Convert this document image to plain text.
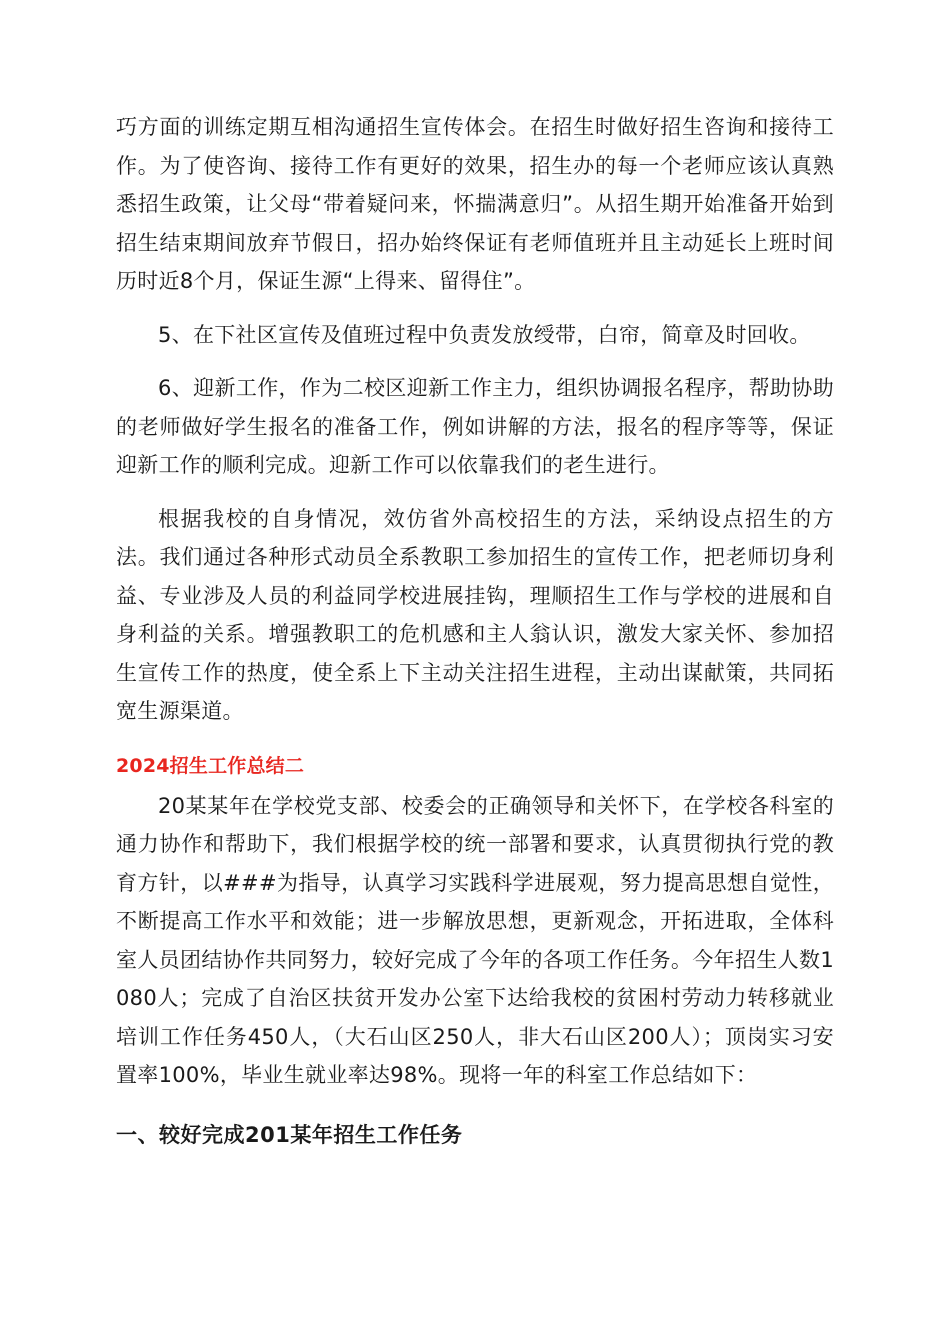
巧方面的训练定期互相沟通招生宣传体会。在招生时做好招生咨询和接待工作。为了使咨询、接待工作有更好的效果，招生办的每一个老师应该认真熟悉招生政策，让父母“带着疑问来，怀揣满意归”。从招生期开始准备开始到招生结束期间放弃节假日，招办始终保证有老师值班并且主动延长上班时间历时近8个月，保证生源“上得来、留得住”。

5、在下社区宣传及值班过程中负责发放绶带，白帘，简章及时回收。

6、迎新工作，作为二校区迎新工作主力，组织协调报名程序，帮助协助的老师做好学生报名的准备工作，例如讲解的方法，报名的程序等等，保证迎新工作的顺利完成。迎新工作可以依靠我们的老生进行。

根据我校的自身情况，效仿省外高校招生的方法，采纳设点招生的方法。我们通过各种形式动员全系教职工参加招生的宣传工作，把老师切身利益、专业涉及人员的利益同学校进展挂钩，理顺招生工作与学校的进展和自身利益的关系。增强教职工的危机感和主人翁认识，激发大家关怀、参加招生宣传工作的热度，使全系上下主动关注招生进程，主动出谋献策，共同拓宽生源渠道。

2024招生工作总结二

20某某年在学校党支部、校委会的正确领导和关怀下，在学校各科室的通力协作和帮助下，我们根据学校的统一部署和要求，认真贯彻执行党的教育方针，以###为指导，认真学习实践科学进展观，努力提高思想自觉性，不断提高工作水平和效能；进一步解放思想，更新观念，开拓进取，全体科室人员团结协作共同努力，较好完成了今年的各项工作任务。今年招生人数1080人；完成了自治区扶贫开发办公室下达给我校的贫困村劳动力转移就业培训工作任务450人，（大石山区250人，非大石山区200人）；顶岗实习安置率100%，毕业生就业率达98%。现将一年的科室工作总结如下：

一、较好完成201某年招生工作任务
